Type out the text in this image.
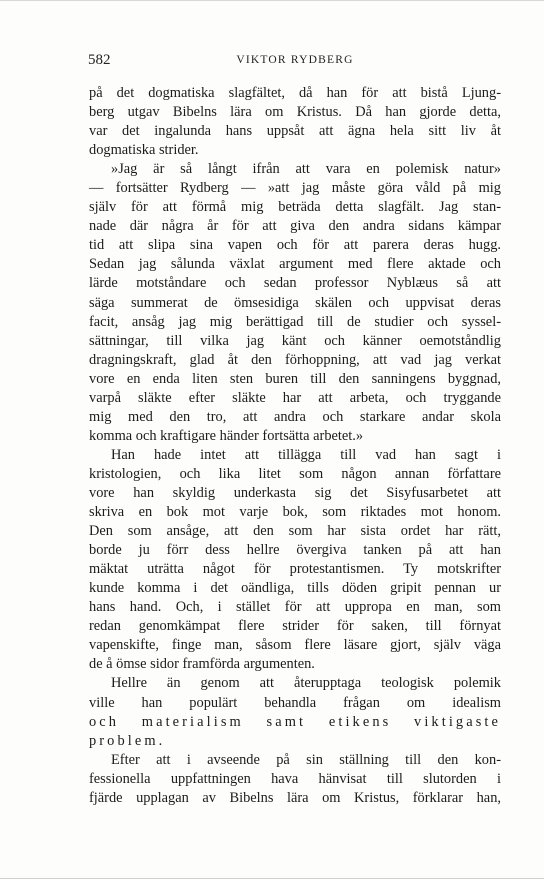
582	VIKTOR RYDBERG
på det dogmatiska slagfältet, då han för att bistå Ljung-
berg utgav Bibelns lära om Kristus. Då han gjorde detta,
var det ingalunda hans uppsåt att ägna hela sitt liv åt
dogmatiska strider.
»Jag är så långt ifrån att vara en polemisk natur»
— fortsätter Rydberg — »att jag måste göra våld på mig
själv för att förmå mig beträda detta slagfält. Jag stan-
nade där några år för att giva den andra sidans kämpar
tid att slipa sina vapen och för att parera deras hugg.
Sedan jag sålunda växlat argument med flere aktade och
lärde motståndare och sedan professor Nyblæus så att
säga summerat de ömsesidiga skälen och uppvisat deras
facit, ansåg jag mig berättigad till de studier och syssel-
sättningar, till vilka jag känt och känner oemotståndlig
dragningskraft, glad åt den förhoppning, att vad jag verkat
vore en enda liten sten buren till den sanningens byggnad,
varpå släkte efter släkte har att arbeta, och tryggande
mig med den tro, att andra och starkare andar skola
komma och kraftigare händer fortsätta arbetet.»
Han hade intet att tillägga till vad han sagt i
kristologien, och lika litet som någon annan författare
vore han skyldig underkasta sig det Sisyfusarbetet att
skriva en bok mot varje bok, som riktades mot honom.
Den som ansåge, att den som har sista ordet har rätt,
borde ju förr dess hellre övergiva tanken på att han
mäktat uträtta något för protestantismen. Ty motskrifter
kunde komma i det oändliga, tills döden gripit pennan ur
hans hand. Och, i stället för att uppropa en man, som
redan genomkämpat flere strider för saken, till förnyat
vapenskifte, finge man, såsom flere läsare gjort, själv väga
de å ömse sidor framförda argumenten.
Hellre än genom att återupptaga teologisk polemik
ville han populärt behandla frågan om idealism
och materialism samt etikens viktigaste
problem.
Efter att i avseende på sin ställning till den kon-
fessionella uppfattningen hava hänvisat till slutorden i
fjärde upplagan av Bibelns lära om Kristus, förklarar han,
